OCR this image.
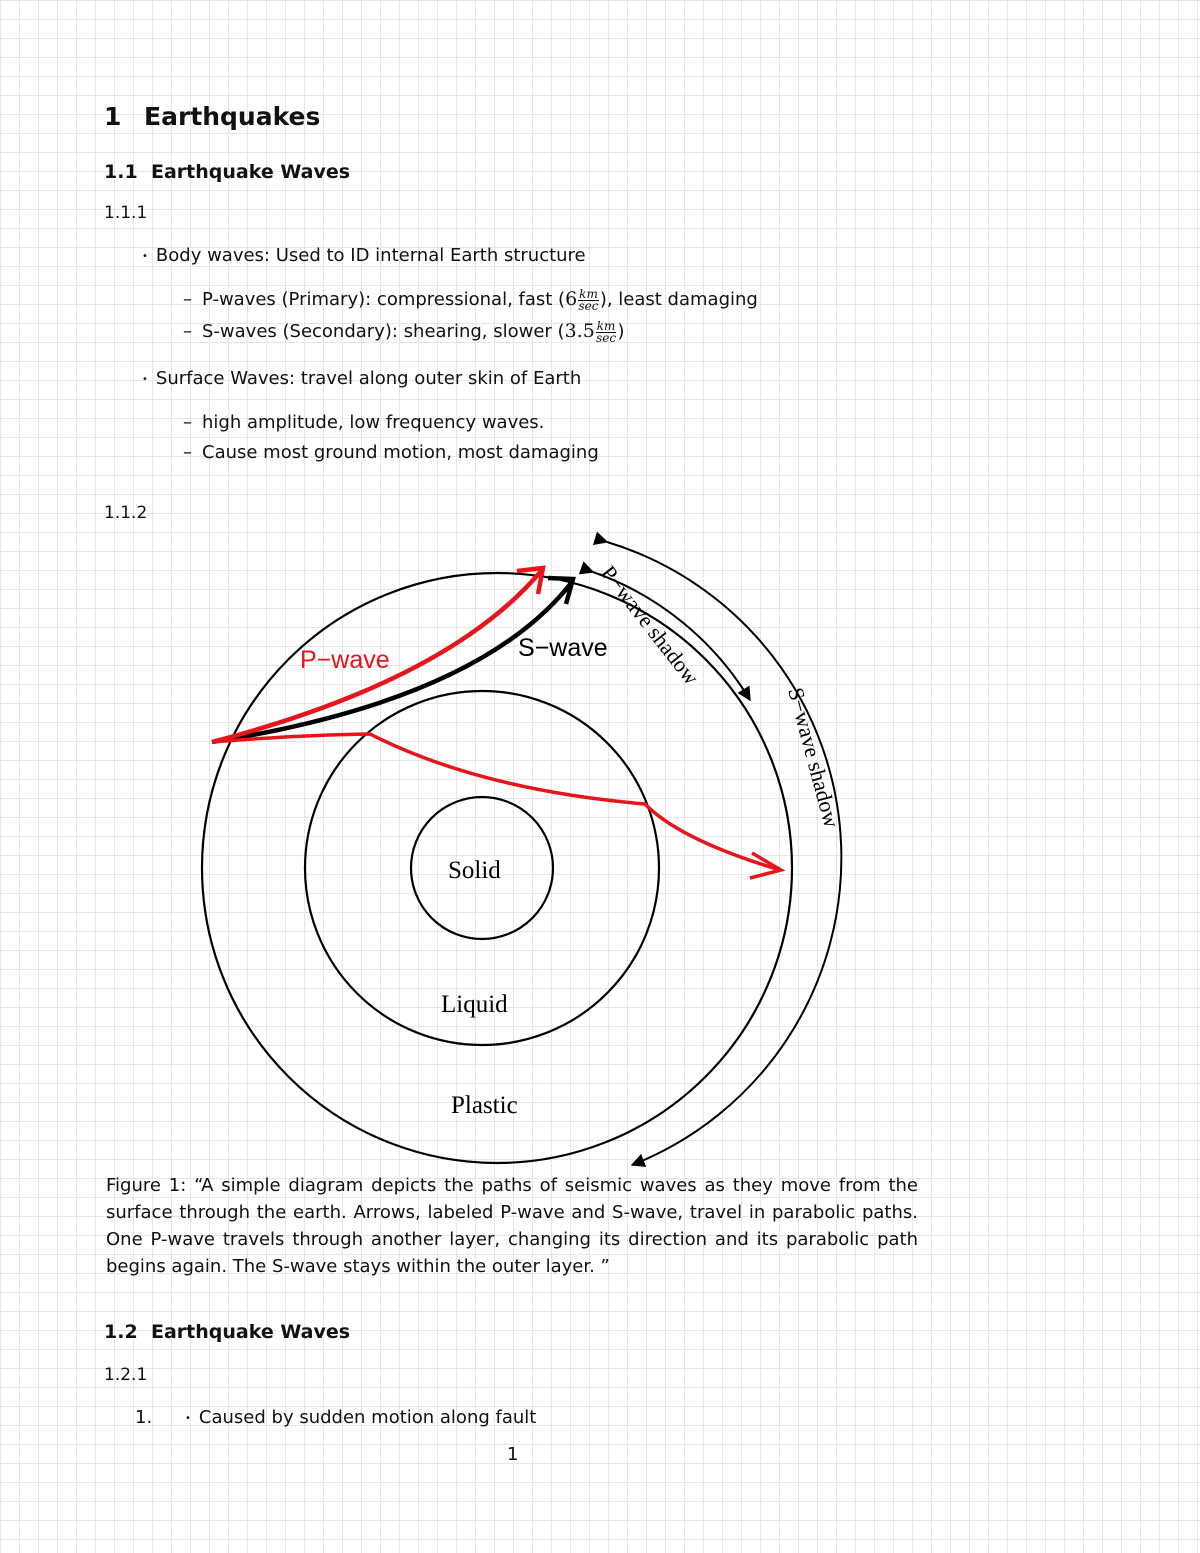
1 Earthquakes
1.1 Earthquake Waves
1.1.1
• Body waves: Used to ID internal Earth structure
– P-waves (Primary): compressional, fast ($6 \frac{km}{\sec}$ ), least damaging
– S-waves (Secondary): shearing, slower ($3.5 \frac{km}{\sec}$ )
• Surface Waves: travel along outer skin of Earth
– high amplitude, low frequency waves.
– Cause most ground motion, most damaging
1.1.2
P−wave	S−wave
Solid
Liquid
Plastic
P−wave shadow
S−wave shadow
Figure 1: “A simple diagram depicts the paths of seismic waves as they move from the surface through the earth. Arrows, labeled P-wave and S-wave, travel in parabolic paths. One P-wave travels through another layer, changing its direction and its parabolic path begins again. The S-wave stays within the outer layer. ”
1.2 Earthquake Waves
1.2.1
1.	• Caused by sudden motion along fault
1
